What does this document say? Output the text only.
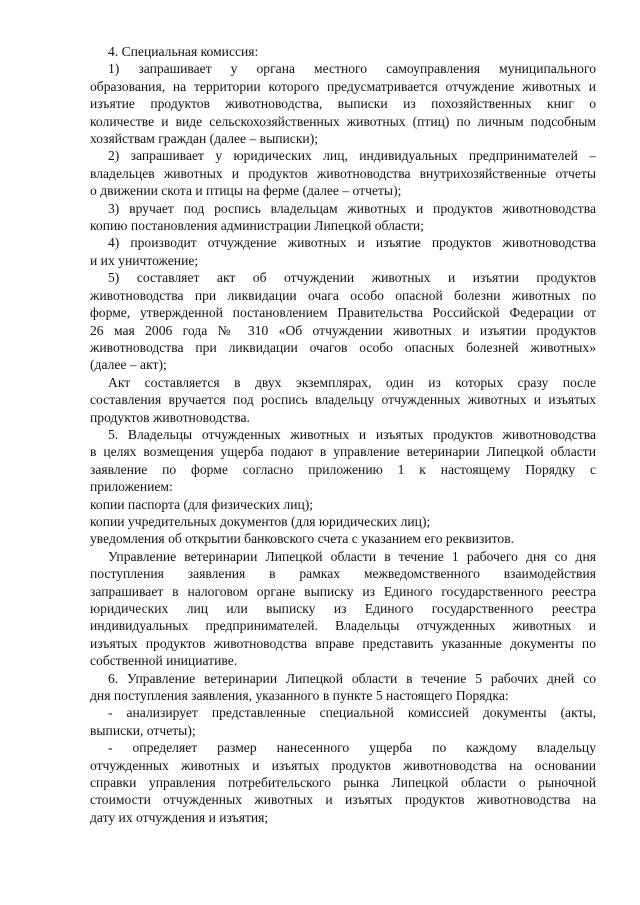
4. Специальная комиссия:
1) запрашивает у органа местного самоуправления муниципального
образования, на территории которого предусматривается отчуждение животных и
изъятие продуктов животноводства, выписки из похозяйственных книг о
количестве и виде сельскохозяйственных животных (птиц) по личным подсобным
хозяйствам граждан (далее – выписки);
2) запрашивает у юридических лиц, индивидуальных предпринимателей –
владельцев животных и продуктов животноводства внутрихозяйственные отчеты
о движении скота и птицы на ферме (далее – отчеты);
3) вручает под роспись владельцам животных и продуктов животноводства
копию постановления администрации Липецкой области;
4) производит отчуждение животных и изъятие продуктов животноводства
и их уничтожение;
5) составляет акт об отчуждении животных и изъятии продуктов
животноводства при ликвидации очага особо опасной болезни животных по
форме, утвержденной постановлением Правительства Российской Федерации от
26 мая 2006 года № 310 «Об отчуждении животных и изъятии продуктов
животноводства при ликвидации очагов особо опасных болезней животных»
(далее – акт);
Акт составляется в двух экземплярах, один из которых сразу после
составления вручается под роспись владельцу отчужденных животных и изъятых
продуктов животноводства.
5. Владельцы отчужденных животных и изъятых продуктов животноводства
в целях возмещения ущерба подают в управление ветеринарии Липецкой области
заявление по форме согласно приложению 1 к настоящему Порядку с
приложением:
копии паспорта (для физических лиц);
копии учредительных документов (для юридических лиц);
уведомления об открытии банковского счета с указанием его реквизитов.
Управление ветеринарии Липецкой области в течение 1 рабочего дня со дня
поступления заявления в рамках межведомственного взаимодействия
запрашивает в налоговом органе выписку из Единого государственного реестра
юридических лиц или выписку из Единого государственного реестра
индивидуальных предпринимателей. Владельцы отчужденных животных и
изъятых продуктов животноводства вправе представить указанные документы по
собственной инициативе.
6. Управление ветеринарии Липецкой области в течение 5 рабочих дней со
дня поступления заявления, указанного в пункте 5 настоящего Порядка:
- анализирует представленные специальной комиссией документы (акты,
выписки, отчеты);
- определяет размер нанесенного ущерба по каждому владельцу
отчужденных животных и изъятых продуктов животноводства на основании
справки управления потребительского рынка Липецкой области о рыночной
стоимости отчужденных животных и изъятых продуктов животноводства на
дату их отчуждения и изъятия;
